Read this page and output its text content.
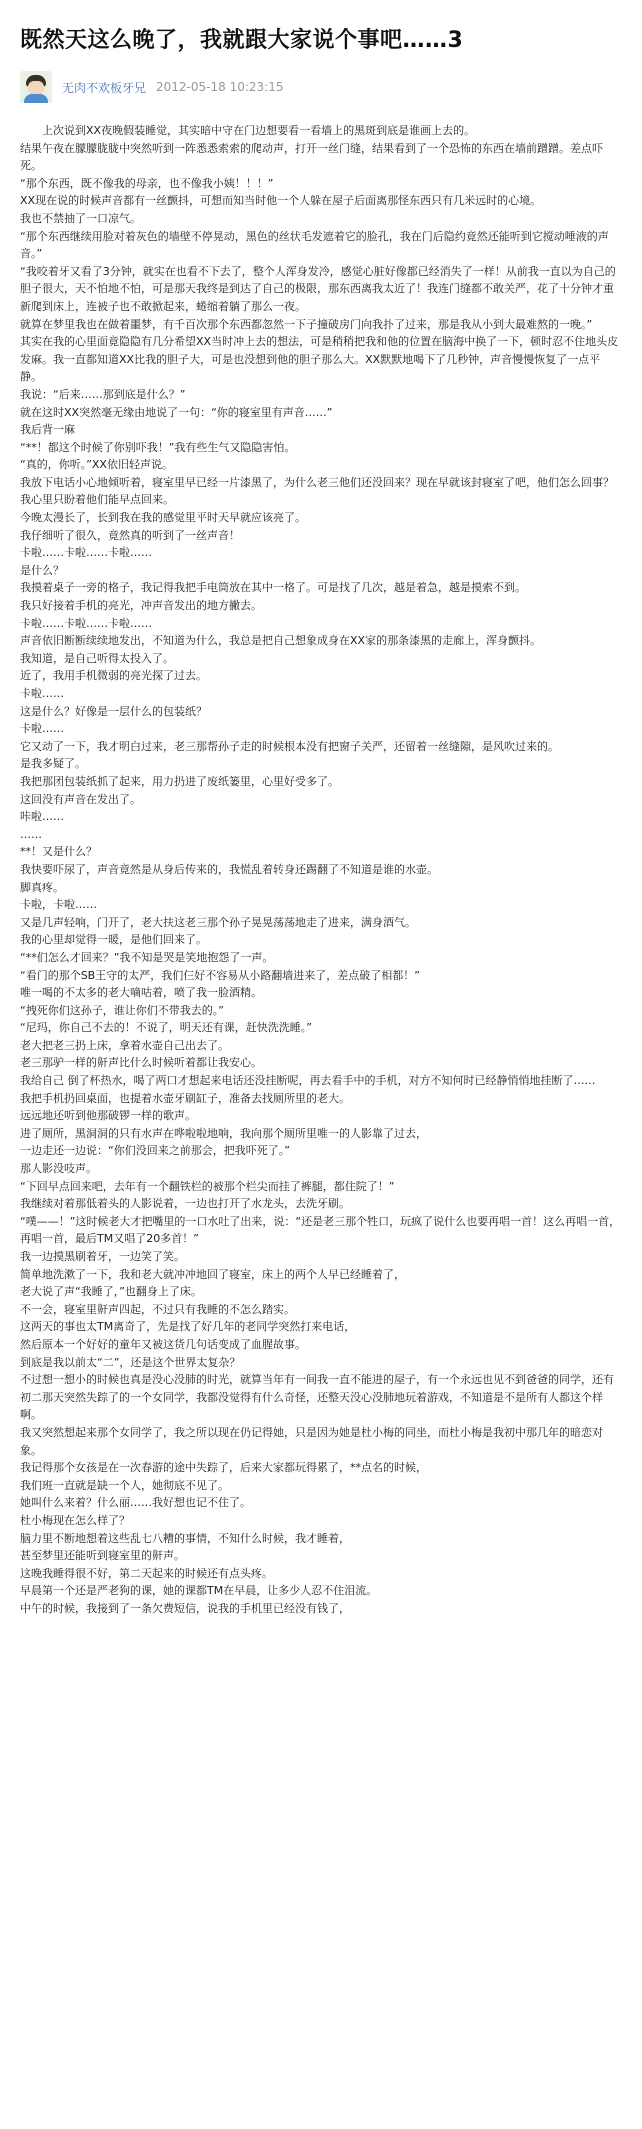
既然天这么晚了，我就跟大家说个事吧……3
无肉不欢板牙兄 2012-05-18 10:23:15

上次说到XX夜晚假装睡觉，其实暗中守在门边想要看一看墙上的黑斑到底是谁画上去的。

结果午夜在朦朦胧胧中突然听到一阵悉悉索索的爬动声，打开一丝门缝，结果看到了一个恐怖的东西在墙前蹭蹭。差点吓死。

“那个东西，既不像我的母亲，也不像我小姨！！！”

XX现在说的时候声音都有一丝颤抖，可想而知当时他一个人躲在屋子后面离那怪东西只有几米远时的心境。

我也不禁抽了一口凉气。

“那个东西继续用脸对着灰色的墙壁不停晃动，黑色的丝状毛发遮着它的脸孔，我在门后隐约竟然还能听到它搅动唾液的声音。”

“我咬着牙又看了3分钟，就实在也看不下去了，整个人浑身发冷，感觉心脏好像都已经消失了一样！从前我一直以为自己的胆子很大，天不怕地不怕，可是那天我终是到达了自己的极限，那东西离我太近了！我连门缝都不敢关严，花了十分钟才重新爬到床上，连被子也不敢掀起来，蜷缩着躺了那么一夜。

就算在梦里我也在做着噩梦，有千百次那个东西都忽然一下子撞破房门向我扑了过来，那是我从小到大最难熬的一晚。”

其实在我的心里面竟隐隐有几分希望XX当时冲上去的想法，可是稍稍把我和他的位置在脑海中换了一下，顿时忍不住地头皮发麻。我一直都知道XX比我的胆子大，可是也没想到他的胆子那么大。XX默默地喝下了几秒钟，声音慢慢恢复了一点平静。

我说：“后来……那到底是什么？”

就在这时XX突然毫无缘由地说了一句：“你的寝室里有声音……”

我后背一麻

“**！都这个时候了你别吓我！”我有些生气又隐隐害怕。

“真的，你听。”XX依旧轻声说。

我放下电话小心地倾听着，寝室里早已经一片漆黑了，为什么老三他们还没回来？现在早就该封寝室了吧，他们怎么回事？

我心里只盼着他们能早点回来。

今晚太漫长了，长到我在我的感觉里平时天早就应该亮了。

我仔细听了很久，竟然真的听到了一丝声音！

卡啦……卡啦……卡啦……

是什么？

我摸着桌子一旁的格子，我记得我把手电筒放在其中一格了。可是找了几次，越是着急，越是摸索不到。

我只好接着手机的亮光，冲声音发出的地方撇去。

卡啦……卡啦……卡啦……

声音依旧断断续续地发出，不知道为什么，我总是把自己想象成身在XX家的那条漆黑的走廊上，浑身颤抖。

我知道，是自己听得太投入了。

近了，我用手机微弱的亮光探了过去。

卡啦……

这是什么？好像是一层什么的包装纸？

卡啦……

它又动了一下，我才明白过来，老三那帮孙子走的时候根本没有把窗子关严，还留着一丝缝隙，是风吹过来的。

是我多疑了。

我把那团包装纸抓了起来，用力扔进了废纸篓里，心里好受多了。

这回没有声音在发出了。

咔啦……

……

**！又是什么？

我快要吓尿了，声音竟然是从身后传来的，我慌乱着转身还踢翻了不知道是谁的水壶。

脚真疼。

卡啦，卡啦……

又是几声轻响，门开了，老大扶这老三那个孙子晃晃荡荡地走了进来，满身酒气。

我的心里却觉得一暖，是他们回来了。

“**们怎么才回来？”我不知是哭是笑地抱怨了一声。

“看门的那个SB王守的太严，我们仨好不容易从小路翻墙进来了，差点破了相都！”

唯一喝的不太多的老大嘀咕着，喷了我一脸酒精。

“拽死你们这孙子，谁让你们不带我去的。”

“尼玛，你自己不去的！不说了，明天还有课，赶快洗洗睡。”

老大把老三扔上床，拿着水壶自己出去了。

老三那驴一样的鼾声比什么时候听着都让我安心。

我给自己 倒了杯热水，喝了两口才想起来电话还没挂断呢，再去看手中的手机，对方不知何时已经静悄悄地挂断了……

我把手机扔回桌面，也提着水壶牙刷缸子，准备去找厕所里的老大。

远远地还听到他那破锣一样的歌声。

进了厕所，黑洞洞的只有水声在哗啦啦地响，我向那个厕所里唯一的人影靠了过去，

一边走还一边说：“你们没回来之前那会，把我吓死了。”

那人影没吱声。

“下回早点回来吧，去年有一个翻铁栏的被那个栏尖而挂了裤腿，都住院了！”

我继续对着那低着头的人影说着，一边也打开了水龙头，去洗牙刷。

“噗——！”这时候老大才把嘴里的一口水吐了出来，说：“还是老三那个牲口，玩疯了说什么也要再唱一首！这么再唱一首，再唱一首，最后TM又唱了20多首！”

我一边摸黑刷着牙，一边笑了笑。

简单地洗漱了一下，我和老大就冲冲地回了寝室，床上的两个人早已经睡着了，

老大说了声“我睡了，”也翻身上了床。

不一会，寝室里鼾声四起，不过只有我睡的不怎么踏实。

这两天的事也太TM离奇了，先是找了好几年的老同学突然打来电话，

然后原本一个好好的童年又被这货几句话变成了血腥故事。

到底是我以前太“二”，还是这个世界太复杂？

不过想一想小的时候也真是没心没肺的时光，就算当年有一间我一直不能进的屋子，有一个永远也见不到爸爸的同学，还有初二那天突然失踪了的一个女同学，我都没觉得有什么奇怪，还整天没心没肺地玩着游戏，不知道是不是所有人都这个样啊。

我又突然想起来那个女同学了，我之所以现在仍记得她，只是因为她是杜小梅的同坐，而杜小梅是我初中那几年的暗恋对象。

我记得那个女孩是在一次春游的途中失踪了，后来大家都玩得累了，**点名的时候，

我们班一直就是缺一个人，她彻底不见了。

她叫什么来着？什么丽……我好想也记不住了。

杜小梅现在怎么样了？

脑力里不断地想着这些乱七八糟的事情，不知什么时候，我才睡着，

甚至梦里还能听到寝室里的鼾声。

这晚我睡得很不好，第二天起来的时候还有点头疼。

早晨第一个还是严老狗的课，她的课都TM在早晨，让多少人忍不住泪流。

中午的时候，我接到了一条欠费短信，说我的手机里已经没有钱了，
